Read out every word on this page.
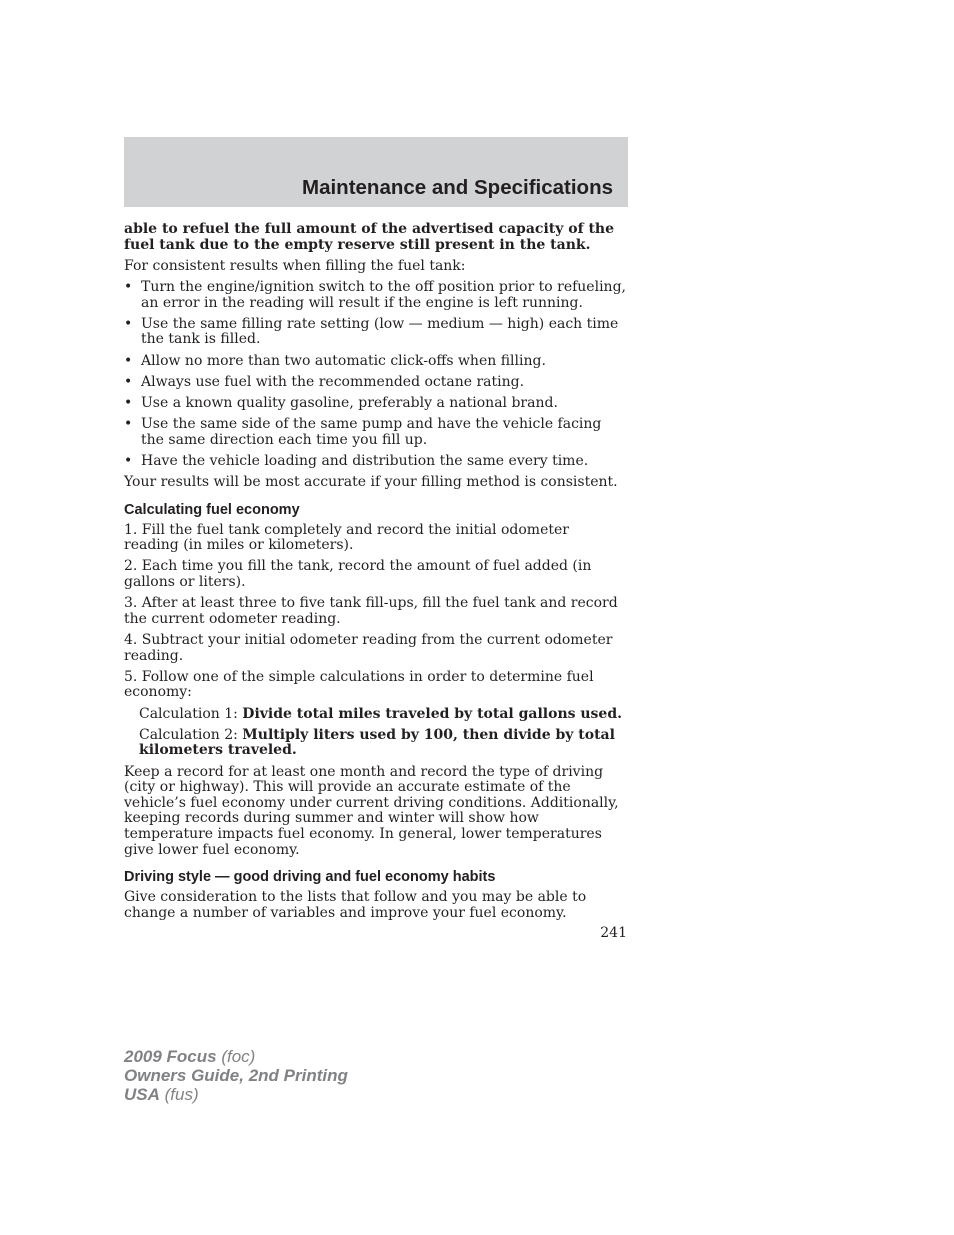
Maintenance and Specifications

able to refuel the full amount of the advertised capacity of the fuel tank due to the empty reserve still present in the tank.

For consistent results when filling the fuel tank:

• Turn the engine/ignition switch to the off position prior to refueling, an error in the reading will result if the engine is left running.
• Use the same filling rate setting (low — medium — high) each time the tank is filled.
• Allow no more than two automatic click-offs when filling.
• Always use fuel with the recommended octane rating.
• Use a known quality gasoline, preferably a national brand.
• Use the same side of the same pump and have the vehicle facing the same direction each time you fill up.
• Have the vehicle loading and distribution the same every time.

Your results will be most accurate if your filling method is consistent.

Calculating fuel economy

1. Fill the fuel tank completely and record the initial odometer reading (in miles or kilometers).

2. Each time you fill the tank, record the amount of fuel added (in gallons or liters).

3. After at least three to five tank fill-ups, fill the fuel tank and record the current odometer reading.

4. Subtract your initial odometer reading from the current odometer reading.

5. Follow one of the simple calculations in order to determine fuel economy:

Calculation 1: Divide total miles traveled by total gallons used.

Calculation 2: Multiply liters used by 100, then divide by total kilometers traveled.

Keep a record for at least one month and record the type of driving (city or highway). This will provide an accurate estimate of the vehicle’s fuel economy under current driving conditions. Additionally, keeping records during summer and winter will show how temperature impacts fuel economy. In general, lower temperatures give lower fuel economy.

Driving style — good driving and fuel economy habits

Give consideration to the lists that follow and you may be able to change a number of variables and improve your fuel economy.

241
2009 Focus (foc)
Owners Guide, 2nd Printing
USA (fus)
